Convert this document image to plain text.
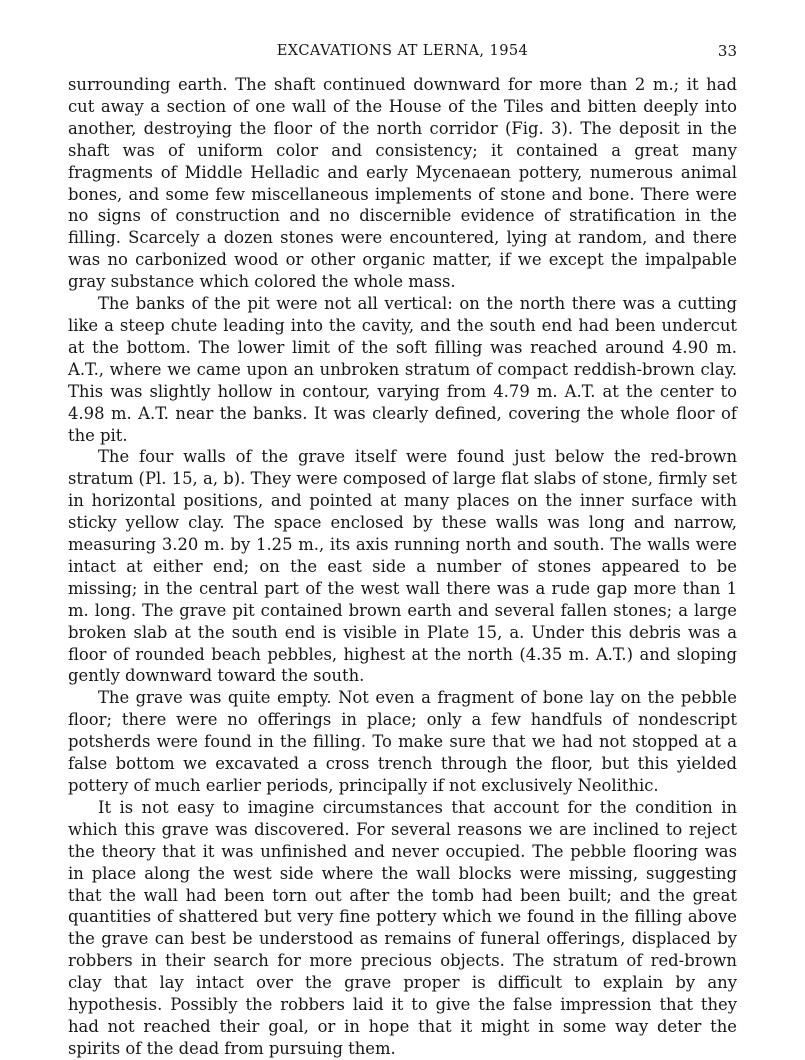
EXCAVATIONS AT LERNA, 1954	33

surrounding earth. The shaft continued downward for more than 2 m.; it had cut away a section of one wall of the House of the Tiles and bitten deeply into another, destroying the floor of the north corridor (Fig. 3). The deposit in the shaft was of uniform color and consistency; it contained a great many fragments of Middle Helladic and early Mycenaean pottery, numerous animal bones, and some few miscellaneous implements of stone and bone. There were no signs of construction and no discernible evidence of stratification in the filling. Scarcely a dozen stones were encountered, lying at random, and there was no carbonized wood or other organic matter, if we except the impalpable gray substance which colored the whole mass.

The banks of the pit were not all vertical: on the north there was a cutting like a steep chute leading into the cavity, and the south end had been undercut at the bottom. The lower limit of the soft filling was reached around 4.90 m. A.T., where we came upon an unbroken stratum of compact reddish-brown clay. This was slightly hollow in contour, varying from 4.79 m. A.T. at the center to 4.98 m. A.T. near the banks. It was clearly defined, covering the whole floor of the pit.

The four walls of the grave itself were found just below the red-brown stratum (Pl. 15, a, b). They were composed of large flat slabs of stone, firmly set in horizontal positions, and pointed at many places on the inner surface with sticky yellow clay. The space enclosed by these walls was long and narrow, measuring 3.20 m. by 1.25 m., its axis running north and south. The walls were intact at either end; on the east side a number of stones appeared to be missing; in the central part of the west wall there was a rude gap more than 1 m. long. The grave pit contained brown earth and several fallen stones; a large broken slab at the south end is visible in Plate 15, a. Under this debris was a floor of rounded beach pebbles, highest at the north (4.35 m. A.T.) and sloping gently downward toward the south.

The grave was quite empty. Not even a fragment of bone lay on the pebble floor; there were no offerings in place; only a few handfuls of nondescript potsherds were found in the filling. To make sure that we had not stopped at a false bottom we excavated a cross trench through the floor, but this yielded pottery of much earlier periods, principally if not exclusively Neolithic.

It is not easy to imagine circumstances that account for the condition in which this grave was discovered. For several reasons we are inclined to reject the theory that it was unfinished and never occupied. The pebble flooring was in place along the west side where the wall blocks were missing, suggesting that the wall had been torn out after the tomb had been built; and the great quantities of shattered but very fine pottery which we found in the filling above the grave can best be understood as remains of funeral offerings, displaced by robbers in their search for more precious objects. The stratum of red-brown clay that lay intact over the grave proper is difficult to explain by any hypothesis. Possibly the robbers laid it to give the false impression that they had not reached their goal, or in hope that it might in some way deter the spirits of the dead from pursuing them.
